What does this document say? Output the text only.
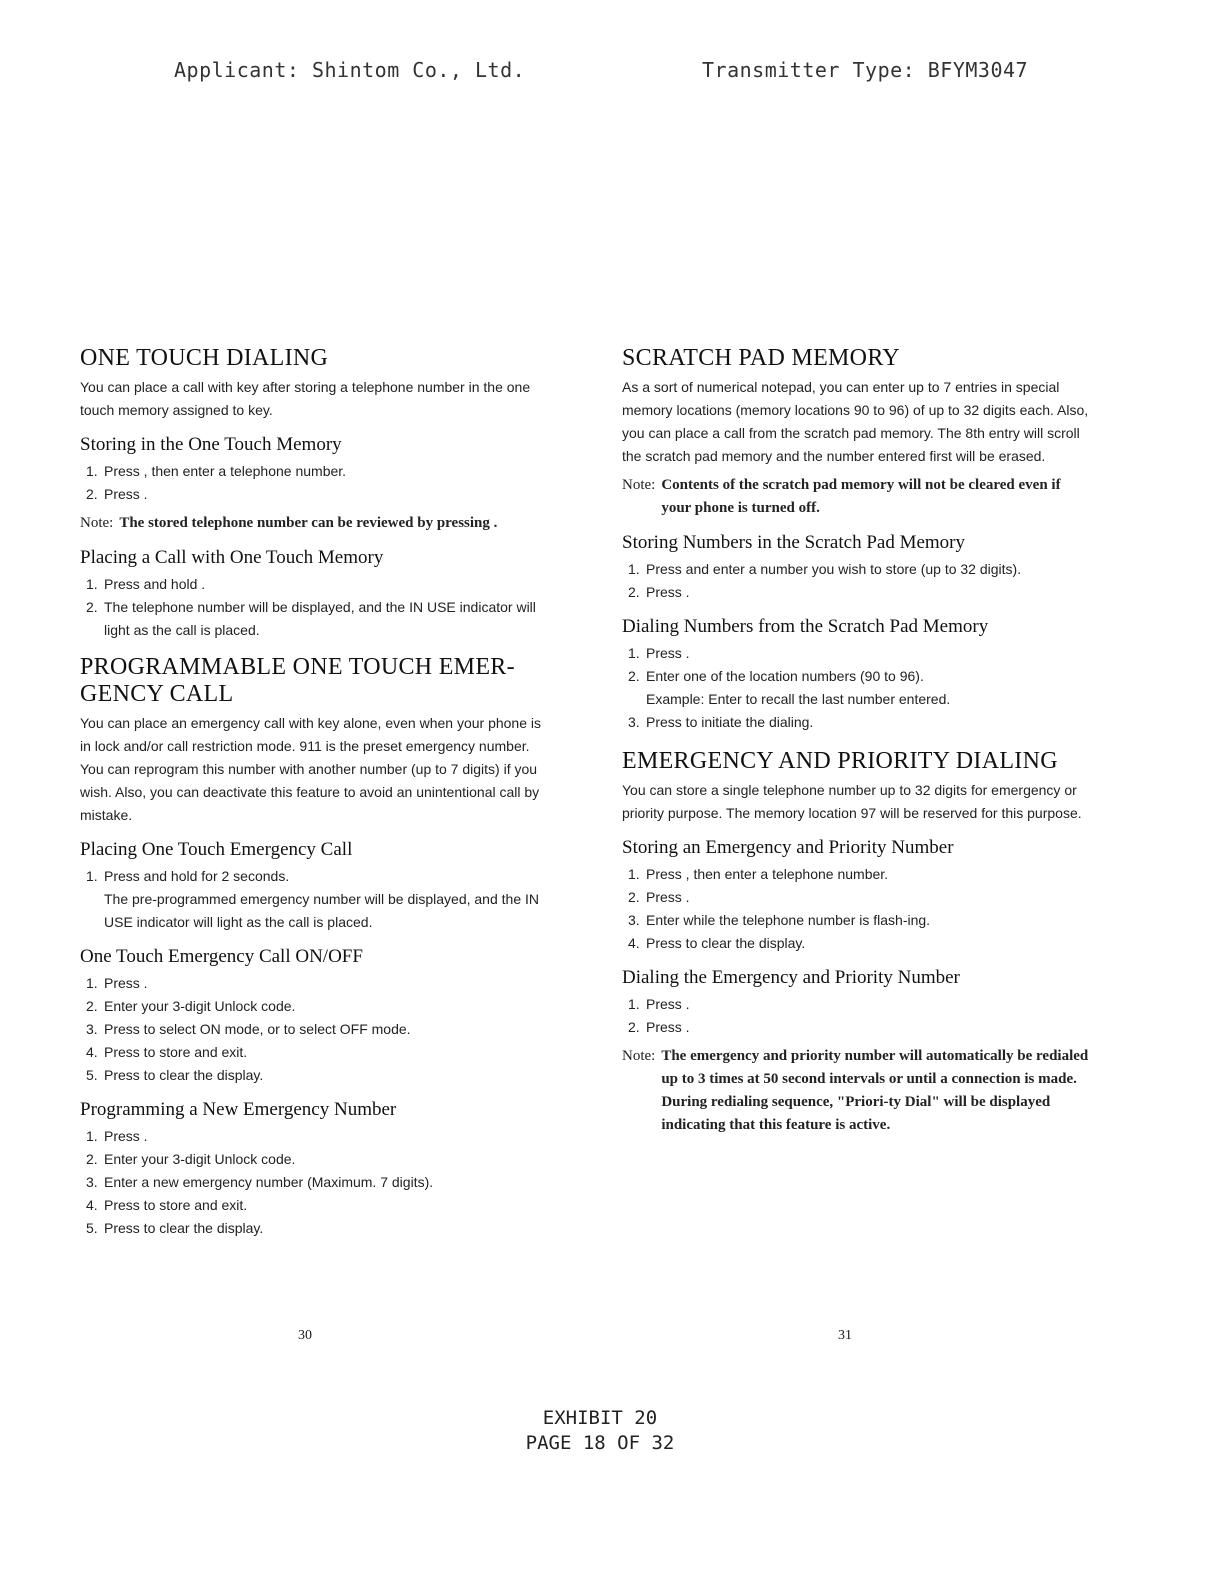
Applicant: Shintom Co., Ltd.	Transmitter Type: BFYM3047
ONE TOUCH DIALING

You can place a call with key after storing a telephone number in the one touch memory assigned to key.

Storing in the One Touch Memory
1. Press , then enter a telephone number.
2. Press .
Note: The stored telephone number can be reviewed by pressing .
Placing a Call with One Touch Memory
1. Press and hold .
2. The telephone number will be displayed, and the IN USE indicator will light as the call is placed.
PROGRAMMABLE ONE TOUCH EMER-GENCY CALL

You can place an emergency call with key alone, even when your phone is in lock and/or call restriction mode. 911 is the preset emergency number. You can reprogram this number with another number (up to 7 digits) if you wish. Also, you can deactivate this feature to avoid an unintentional call by mistake.

Placing One Touch Emergency Call
1. Press and hold for 2 seconds.
The pre-programmed emergency number will be displayed, and the IN USE indicator will light as the call is placed.
One Touch Emergency Call ON/OFF
1. Press .
2. Enter your 3-digit Unlock code.
3. Press to select ON mode, or to select OFF mode.
4. Press to store and exit.
5. Press to clear the display.
Programming a New Emergency Number
1. Press .
2. Enter your 3-digit Unlock code.
3. Enter a new emergency number (Maximum. 7 digits).
4. Press to store and exit.
5. Press to clear the display.
SCRATCH PAD MEMORY

As a sort of numerical notepad, you can enter up to 7 entries in special memory locations (memory locations 90 to 96) of up to 32 digits each. Also, you can place a call from the scratch pad memory. The 8th entry will scroll the scratch pad memory and the number entered first will be erased.

Note: Contents of the scratch pad memory will not be cleared even if your phone is turned off.
Storing Numbers in the Scratch Pad Memory
1. Press and enter a number you wish to store (up to 32 digits).
2. Press .
Dialing Numbers from the Scratch Pad Memory
1. Press .
2. Enter one of the location numbers (90 to 96).
Example: Enter to recall the last number entered.
3. Press to initiate the dialing.
EMERGENCY AND PRIORITY DIALING

You can store a single telephone number up to 32 digits for emergency or priority purpose. The memory location 97 will be reserved for this purpose.

Storing an Emergency and Priority Number
1. Press , then enter a telephone number.
2. Press .
3. Enter while the telephone number is flash-ing.
4. Press to clear the display.
Dialing the Emergency and Priority Number
1. Press .
2. Press .
Note: The emergency and priority number will automatically be redialed up to 3 times at 50 second intervals or until a connection is made. During redialing sequence, "Priori-ty Dial" will be displayed indicating that this feature is active.
30	31
EXHIBIT 20
PAGE 18 OF 32
